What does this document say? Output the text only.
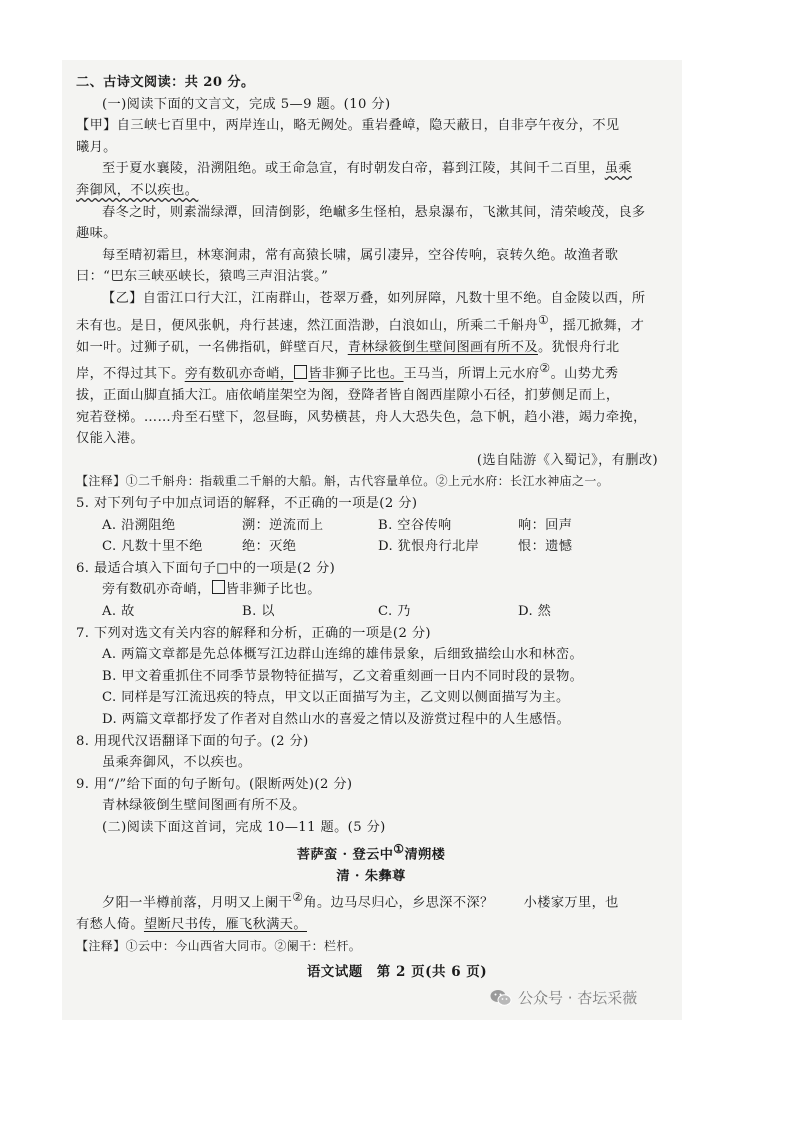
二、古诗文阅读：共 20 分。
(一)阅读下面的文言文，完成 5—9 题。(10 分)
【甲】自三峡七百里中，两岸连山，略无阙处。重岩叠嶂，隐天蔽日，自非亭午夜分，不见
曦月。
至于夏水襄陵，沿溯阻绝。或王命急宣，有时朝发白帝，暮到江陵，其间千二百里，虽乘
奔御风，不以疾也。
春冬之时，则素湍绿潭，回清倒影，绝𪩘多生怪柏，悬泉瀑布，飞漱其间，清荣峻茂，良多
趣味。
每至晴初霜旦，林寒涧肃，常有高猿长啸，属引凄异，空谷传响，哀转久绝。故渔者歌
曰：“巴东三峡巫峡长，猿鸣三声泪沾裳。”
【乙】自雷江口行大江，江南群山，苍翠万叠，如列屏障，凡数十里不绝。自金陵以西，所
未有也。是日，便风张帆，舟行甚速，然江面浩渺，白浪如山，所乘二千斛舟①，摇兀掀舞，才
如一叶。过狮子矶，一名佛指矶，鲜壁百尺，青林绿筱倒生壁间图画有所不及。犹恨舟行北
岸，不得过其下。旁有数矶亦奇峭， 皆非狮子比也。王马当，所谓上元水府②。山势尤秀
拔，正面山脚直插大江。庙依峭崖架空为阁，登降者皆自阁西崖隙小石径，扪萝侧足而上，
宛若登梯。……舟至石壁下，忽昼晦，风势横甚，舟人大恐失色，急下帆，趋小港，竭力牵挽，
仅能入港。
(选自陆游《入蜀记》，有删改)
【注释】①二千斛舟：指载重二千斛的大船。斛，古代容量单位。②上元水府：长江水神庙之一。
5. 对下列句子中加点词语的解释，不正确的一项是(2 分)
A. 沿溯阻绝	溯：逆流而上	B. 空谷传响	响：回声
C. 凡数十里不绝	绝：灭绝	D. 犹恨舟行北岸	恨：遗憾
6. 最适合填入下面句子□中的一项是(2 分)
旁有数矶亦奇峭， 皆非狮子比也。
A. 故	B. 以	C. 乃	D. 然
7. 下列对选文有关内容的解释和分析，正确的一项是(2 分)
A. 两篇文章都是先总体概写江边群山连绵的雄伟景象，后细致描绘山水和林峦。
B. 甲文着重抓住不同季节景物特征描写，乙文着重刻画一日内不同时段的景物。
C. 同样是写江流迅疾的特点，甲文以正面描写为主，乙文则以侧面描写为主。
D. 两篇文章都抒发了作者对自然山水的喜爱之情以及游赏过程中的人生感悟。
8. 用现代汉语翻译下面的句子。(2 分)
虽乘奔御风，不以疾也。
9. 用“/”给下面的句子断句。(限断两处)(2 分)
青林绿筱倒生壁间图画有所不及。
(二)阅读下面这首词，完成 10—11 题。(5 分)
菩萨蛮 · 登云中①清朔楼
清 · 朱彝尊
夕阳一半樽前落，月明又上阑干②角。边马尽归心，乡思深不深？ 小楼家万里，也
有愁人倚。望断尺书传，雁飞秋满天。
【注释】①云中：今山西省大同市。②阑干：栏杆。
语文试题　第 2 页(共 6 页)
公众号 · 杏坛采薇
